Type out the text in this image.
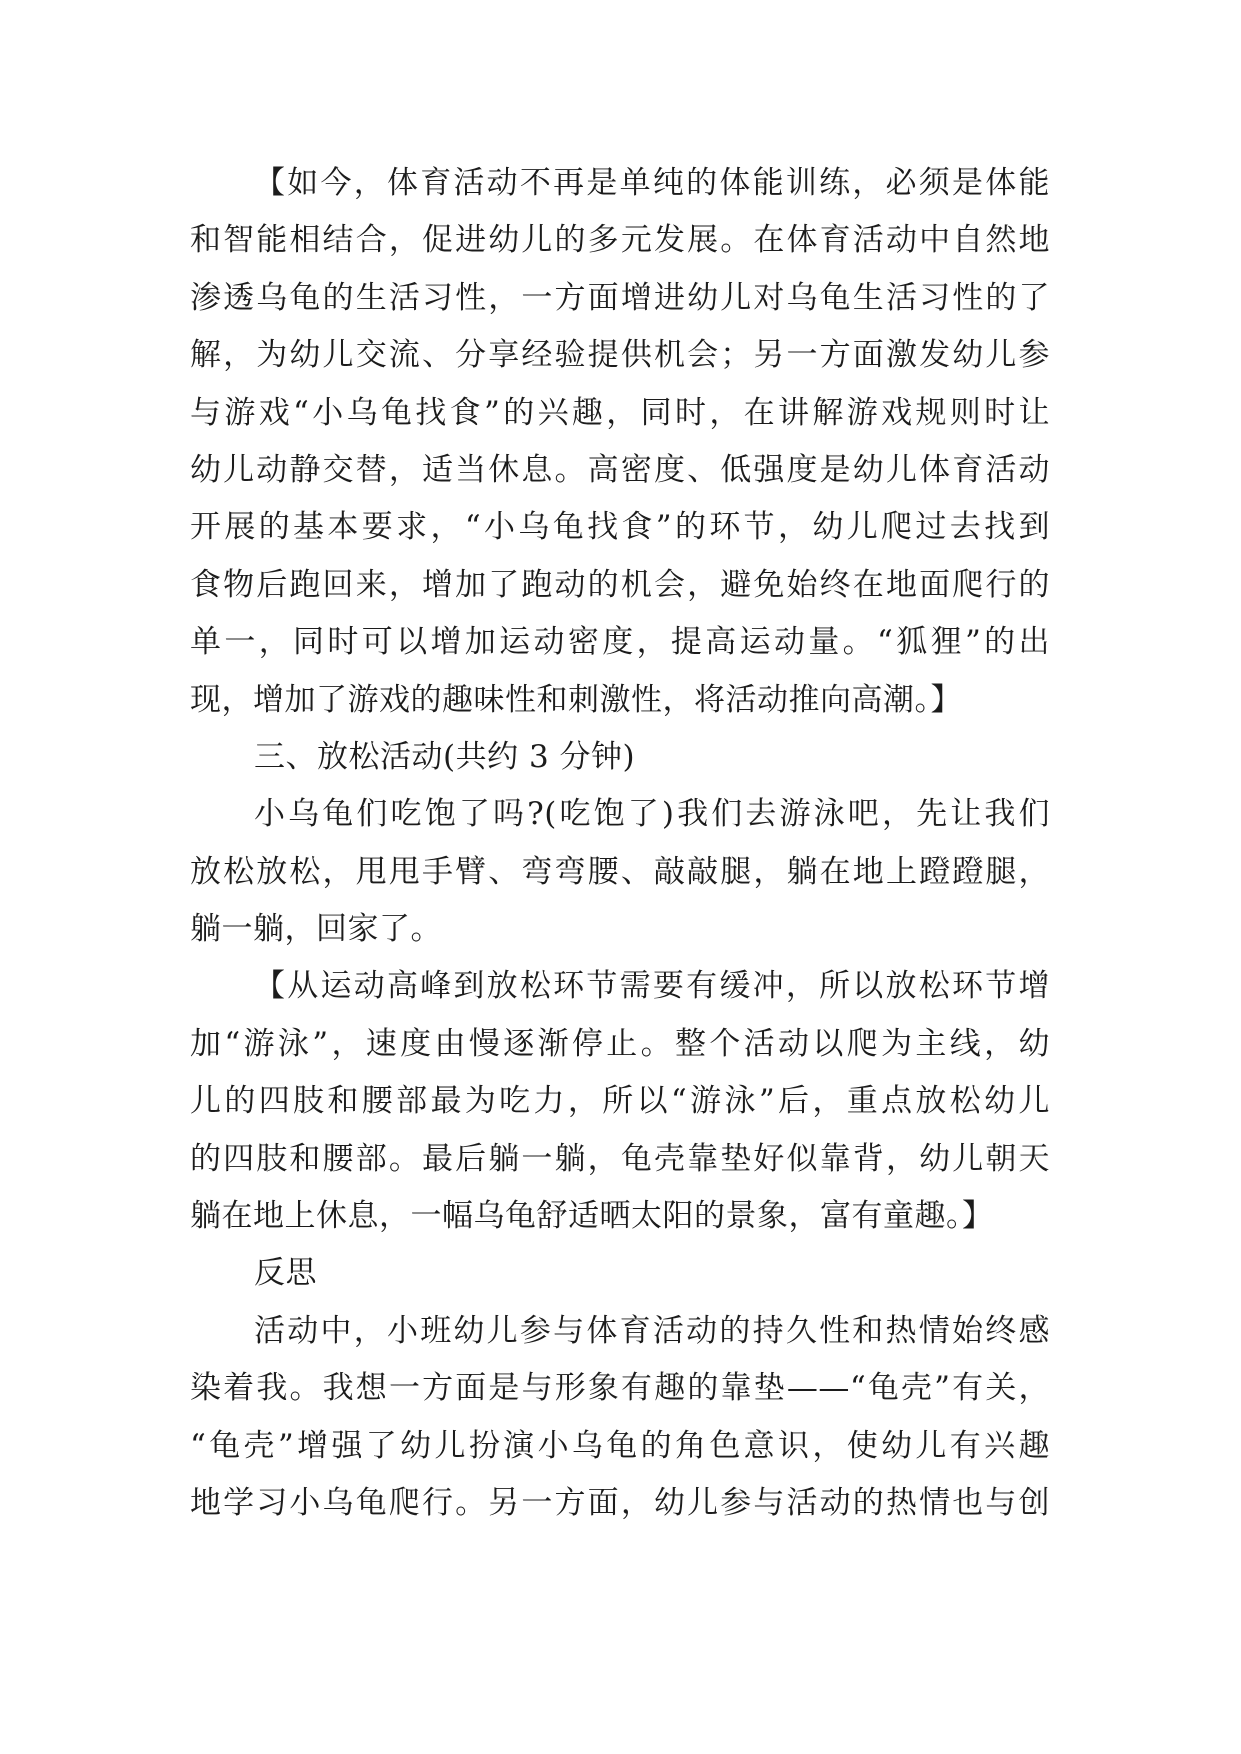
【如今，体育活动不再是单纯的体能训练，必须是体能
和智能相结合，促进幼儿的多元发展。在体育活动中自然地
渗透乌龟的生活习性，一方面增进幼儿对乌龟生活习性的了
解，为幼儿交流、分享经验提供机会；另一方面激发幼儿参
与游戏“小乌龟找食”的兴趣，同时，在讲解游戏规则时让
幼儿动静交替，适当休息。高密度、低强度是幼儿体育活动
开展的基本要求，“小乌龟找食”的环节，幼儿爬过去找到
食物后跑回来，增加了跑动的机会，避免始终在地面爬行的
单一，同时可以增加运动密度，提高运动量。“狐狸”的出
现，增加了游戏的趣味性和刺激性，将活动推向高潮。】
三、放松活动(共约 3 分钟)
小乌龟们吃饱了吗?(吃饱了)我们去游泳吧，先让我们
放松放松，甩甩手臂、弯弯腰、敲敲腿，躺在地上蹬蹬腿，
躺一躺，回家了。
【从运动高峰到放松环节需要有缓冲，所以放松环节增
加“游泳”，速度由慢逐渐停止。整个活动以爬为主线，幼
儿的四肢和腰部最为吃力，所以“游泳”后，重点放松幼儿
的四肢和腰部。最后躺一躺，龟壳靠垫好似靠背，幼儿朝天
躺在地上休息，一幅乌龟舒适晒太阳的景象，富有童趣。】
反思
活动中，小班幼儿参与体育活动的持久性和热情始终感
染着我。我想一方面是与形象有趣的靠垫——“龟壳”有关，
“龟壳”增强了幼儿扮演小乌龟的角色意识，使幼儿有兴趣
地学习小乌龟爬行。另一方面，幼儿参与活动的热情也与创
